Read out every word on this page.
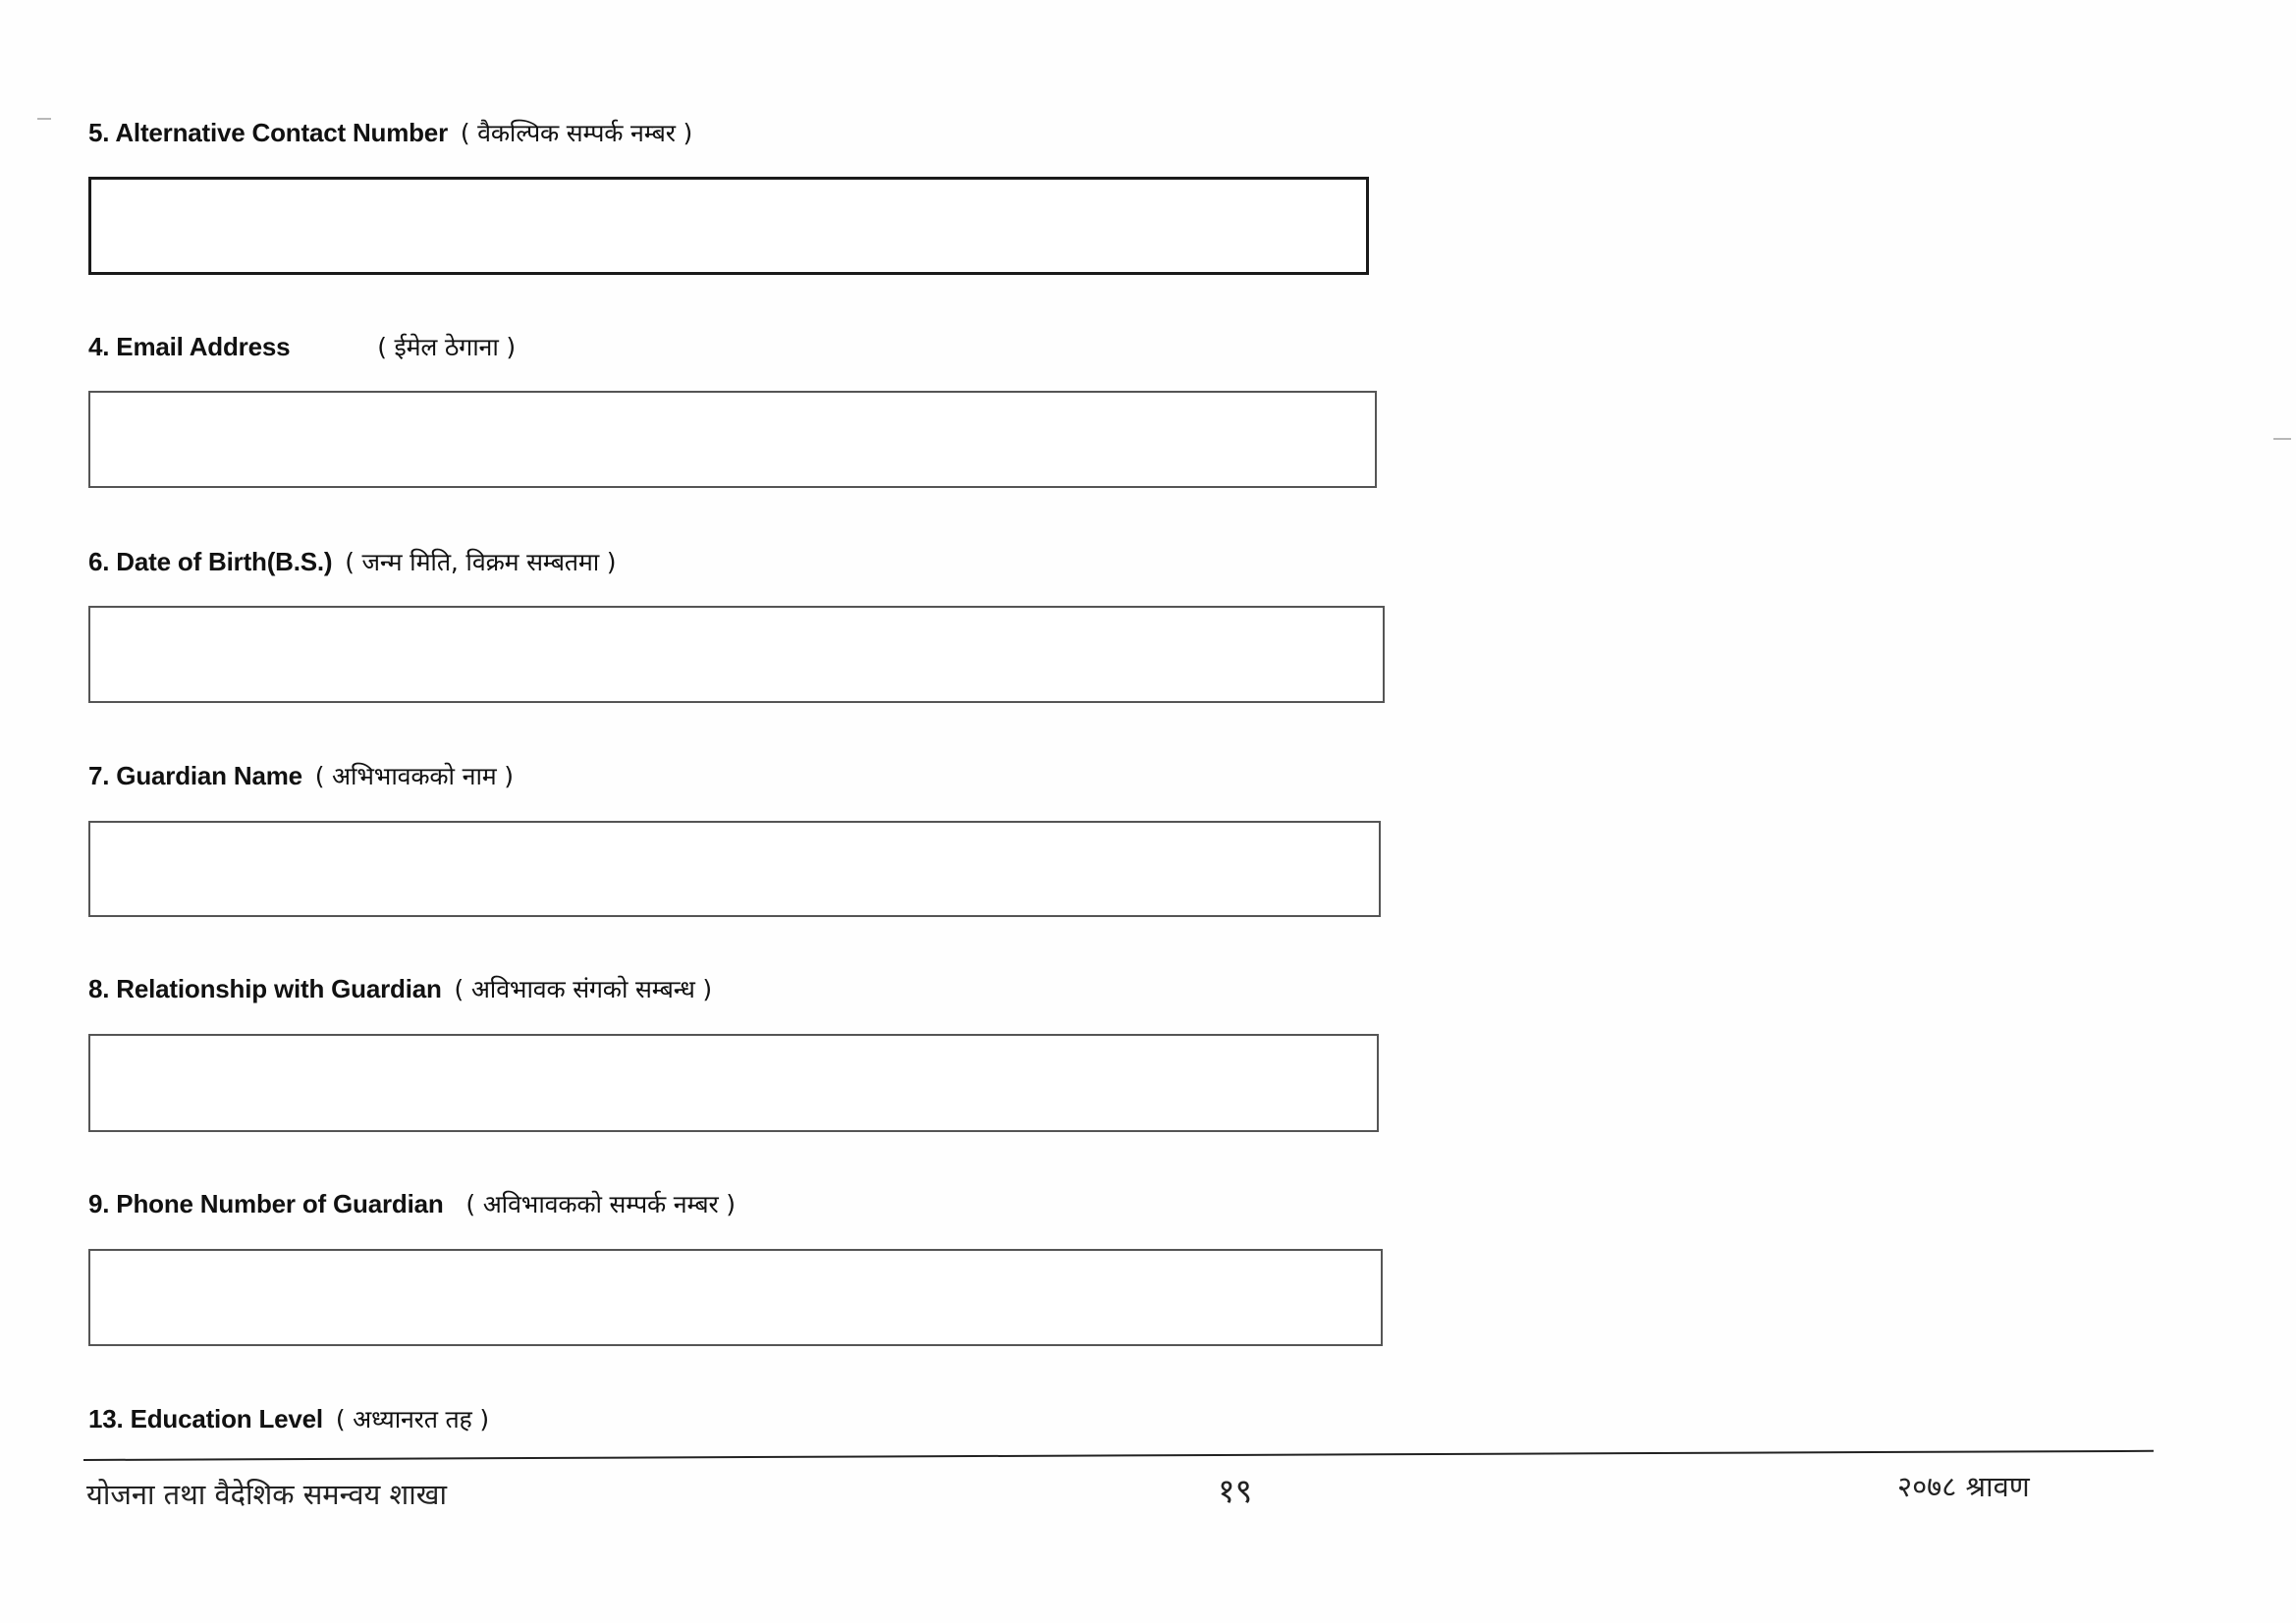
5. Alternative Contact Number ( वैकल्पिक सम्पर्क नम्बर )
4. Email Address	( ईमेल ठेगाना )
6. Date of Birth(B.S.) ( जन्म मिति, विक्रम सम्बतमा )
7. Guardian Name ( अभिभावकको नाम )
8. Relationship with Guardian ( अविभावक संगको सम्बन्ध )
9. Phone Number of Guardian ( अविभावकको सम्पर्क नम्बर )
13. Education Level ( अध्यानरत तह )
योजना तथा वैदेशिक समन्वय शाखा	१९	२०७८ श्रावण
